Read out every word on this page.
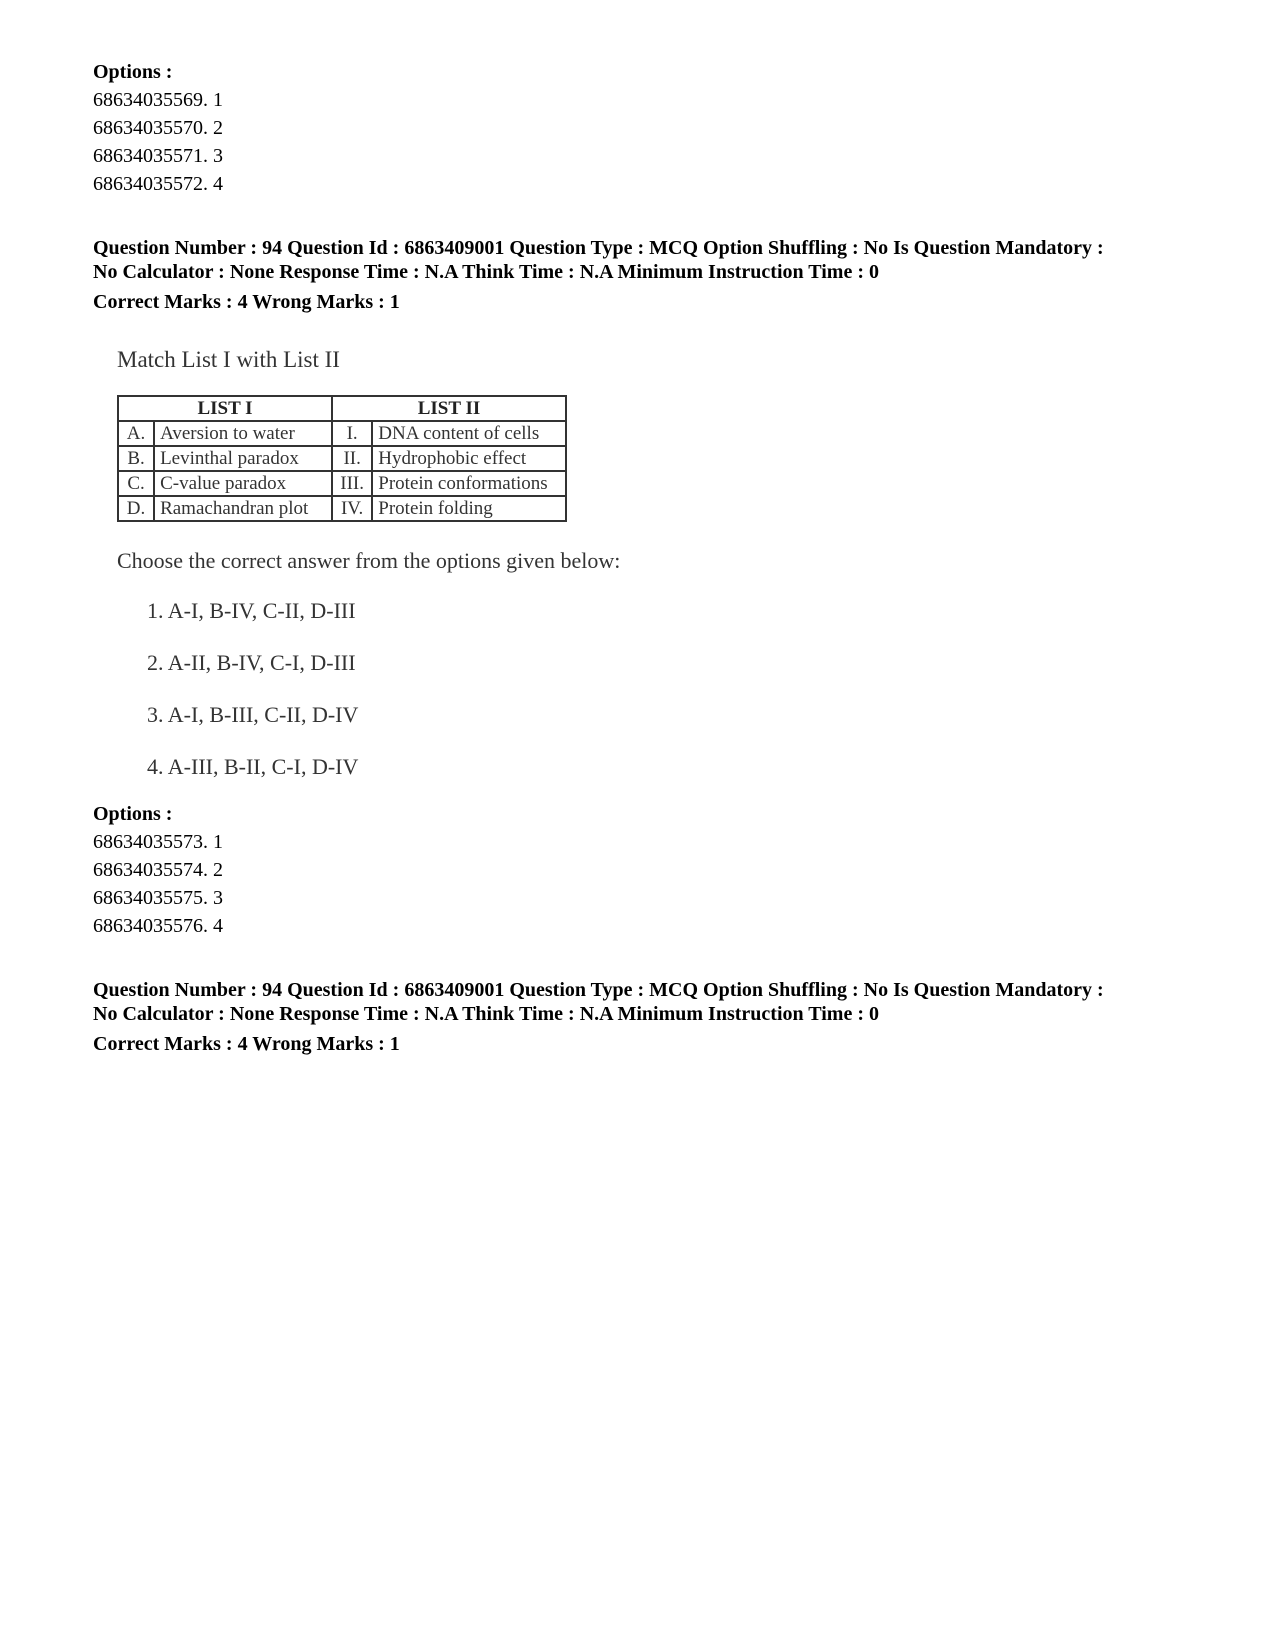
Options :
68634035569. 1
68634035570. 2
68634035571. 3
68634035572. 4
Question Number : 94 Question Id : 6863409001 Question Type : MCQ Option Shuffling : No Is Question Mandatory :
No Calculator : None Response Time : N.A Think Time : N.A Minimum Instruction Time : 0
Correct Marks : 4 Wrong Marks : 1
Match List I with List II
LIST I		LIST II	
A.	Aversion to water	I.	DNA content of cells
B.	Levinthal paradox	II.	Hydrophobic effect
C.	C-value paradox	III.	Protein conformations
D.	Ramachandran plot	IV.	Protein folding
Choose the correct answer from the options given below:
1. A-I, B-IV, C-II, D-III
2. A-II, B-IV, C-I, D-III
3. A-I, B-III, C-II, D-IV
4. A-III, B-II, C-I, D-IV
Options :
68634035573. 1
68634035574. 2
68634035575. 3
68634035576. 4
Question Number : 94 Question Id : 6863409001 Question Type : MCQ Option Shuffling : No Is Question Mandatory :
No Calculator : None Response Time : N.A Think Time : N.A Minimum Instruction Time : 0
Correct Marks : 4 Wrong Marks : 1
